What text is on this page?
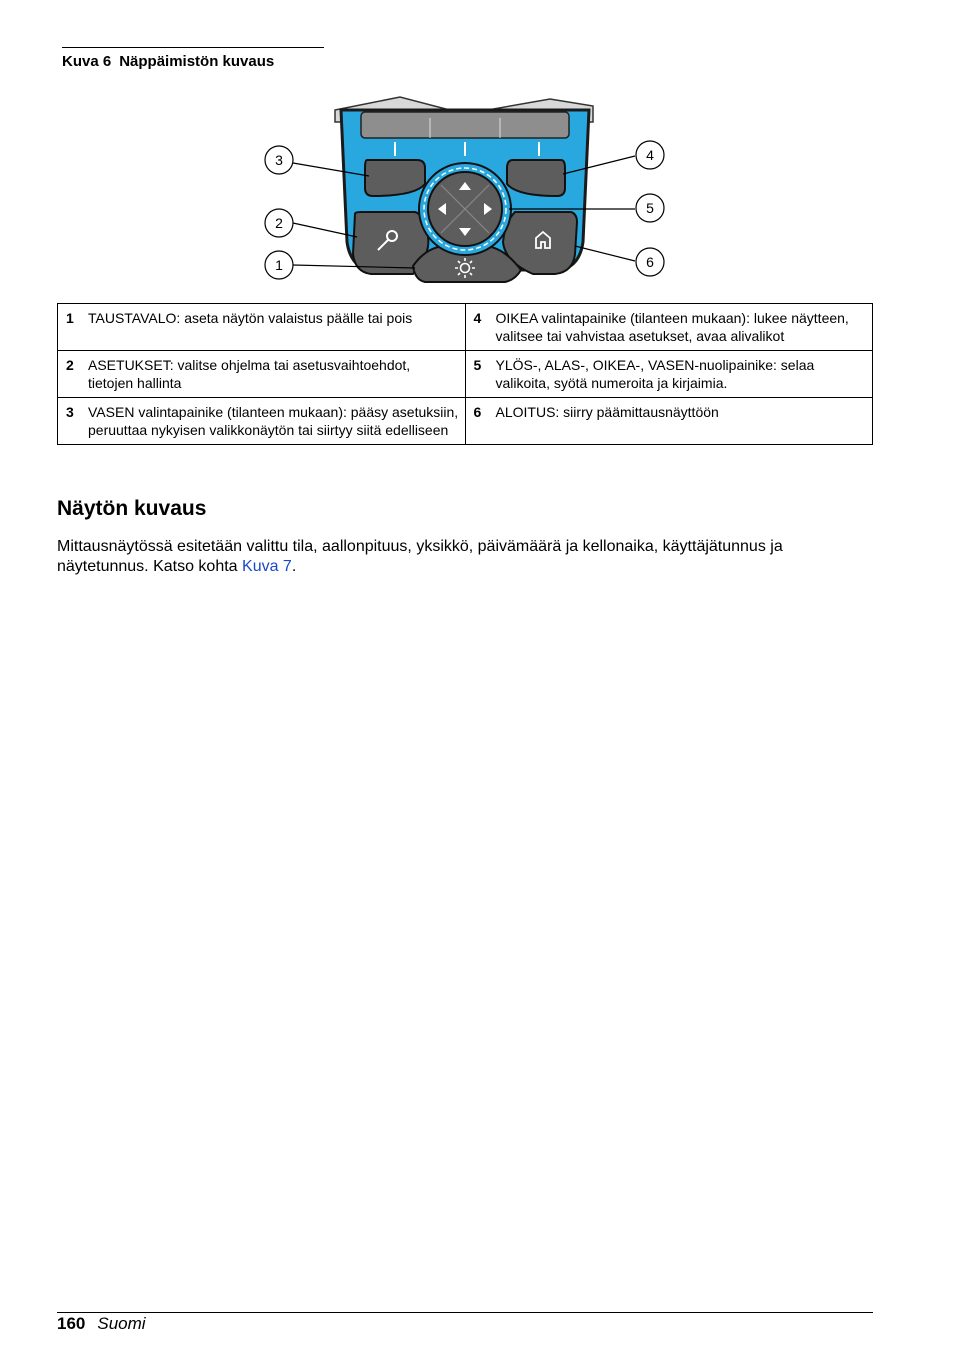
Kuva 6 Näppäimistön kuvaus
3
2
1
4
5
6
1 TAUSTAVALO: aseta näytön valaistus päälle tai pois	4 OIKEA valintapainike (tilanteen mukaan): lukee näytteen, valitsee tai vahvistaa asetukset, avaa alivalikot

2 ASETUKSET: valitse ohjelma tai asetusvaihtoehdot, tietojen hallinta	5 YLÖS-, ALAS-, OIKEA-, VASEN-nuolipainike: selaa valikoita, syötä numeroita ja kirjaimia.

3 VASEN valintapainike (tilanteen mukaan): pääsy asetuksiin, peruuttaa nykyisen valikkonäytön tai siirtyy siitä edelliseen	6 ALOITUS: siirry päämittausnäyttöön
Näytön kuvaus

Mittausnäytössä esitetään valittu tila, aallonpituus, yksikkö, päivämäärä ja kellonaika, käyttäjätunnus ja näytetunnus. Katso kohta Kuva 7.

160 Suomi
